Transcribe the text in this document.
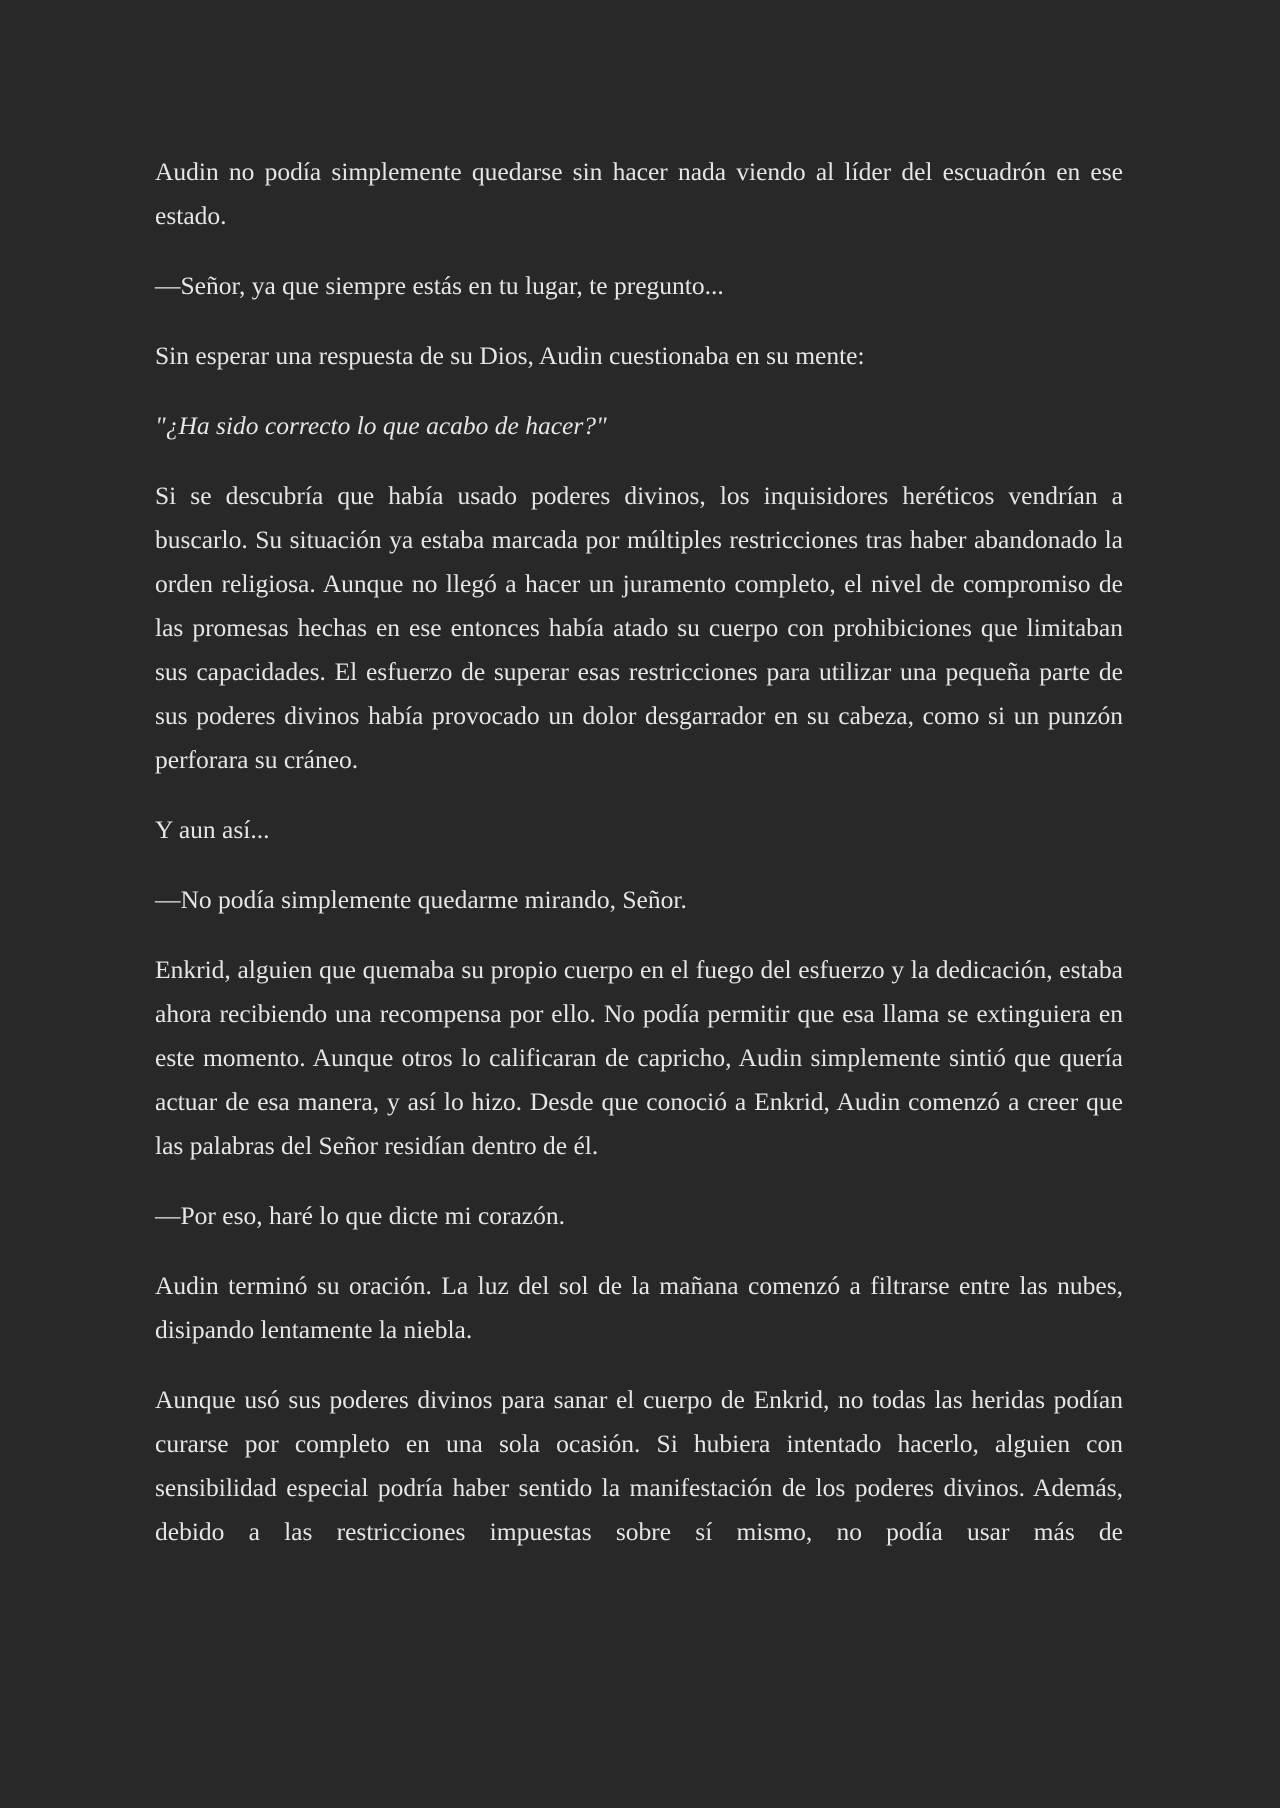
Audin no podía simplemente quedarse sin hacer nada viendo al líder del escuadrón en ese estado.

—Señor, ya que siempre estás en tu lugar, te pregunto...

Sin esperar una respuesta de su Dios, Audin cuestionaba en su mente:

"¿Ha sido correcto lo que acabo de hacer?"

Si se descubría que había usado poderes divinos, los inquisidores heréticos vendrían a buscarlo. Su situación ya estaba marcada por múltiples restricciones tras haber abandonado la orden religiosa. Aunque no llegó a hacer un juramento completo, el nivel de compromiso de las promesas hechas en ese entonces había atado su cuerpo con prohibiciones que limitaban sus capacidades. El esfuerzo de superar esas restricciones para utilizar una pequeña parte de sus poderes divinos había provocado un dolor desgarrador en su cabeza, como si un punzón perforara su cráneo.

Y aun así...

—No podía simplemente quedarme mirando, Señor.

Enkrid, alguien que quemaba su propio cuerpo en el fuego del esfuerzo y la dedicación, estaba ahora recibiendo una recompensa por ello. No podía permitir que esa llama se extinguiera en este momento. Aunque otros lo calificaran de capricho, Audin simplemente sintió que quería actuar de esa manera, y así lo hizo. Desde que conoció a Enkrid, Audin comenzó a creer que las palabras del Señor residían dentro de él.

—Por eso, haré lo que dicte mi corazón.

Audin terminó su oración. La luz del sol de la mañana comenzó a filtrarse entre las nubes, disipando lentamente la niebla.

Aunque usó sus poderes divinos para sanar el cuerpo de Enkrid, no todas las heridas podían curarse por completo en una sola ocasión. Si hubiera intentado hacerlo, alguien con sensibilidad especial podría haber sentido la manifestación de los poderes divinos. Además, debido a las restricciones impuestas sobre sí mismo, no podía usar más de
